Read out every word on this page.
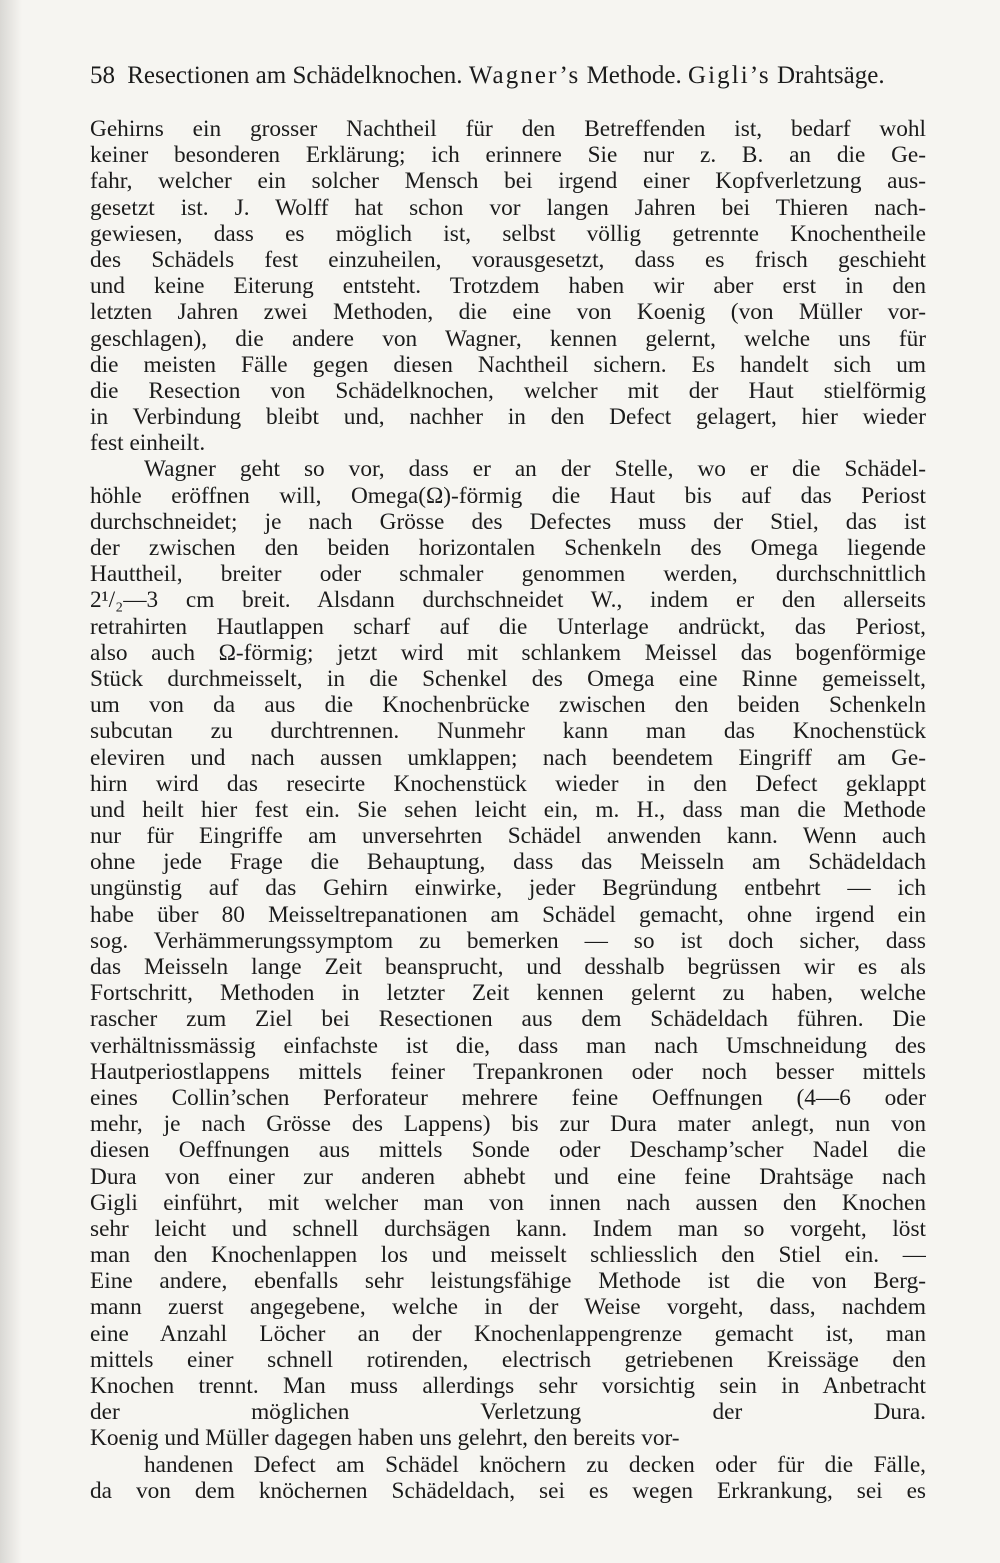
58 Resectionen am Schädelknochen. Wagner’s Methode. Gigli’s Drahtsäge.
Gehirns ein grosser Nachtheil für den Betreffenden ist, bedarf wohl
keiner besonderen Erklärung; ich erinnere Sie nur z. B. an die Ge-
fahr, welcher ein solcher Mensch bei irgend einer Kopfverletzung aus-
gesetzt ist. J. Wolff hat schon vor langen Jahren bei Thieren nach-
gewiesen, dass es möglich ist, selbst völlig getrennte Knochentheile
des Schädels fest einzuheilen, vorausgesetzt, dass es frisch geschieht
und keine Eiterung entsteht. Trotzdem haben wir aber erst in den
letzten Jahren zwei Methoden, die eine von Koenig (von Müller vor-
geschlagen), die andere von Wagner, kennen gelernt, welche uns für
die meisten Fälle gegen diesen Nachtheil sichern. Es handelt sich um
die Resection von Schädelknochen, welcher mit der Haut stielförmig
in Verbindung bleibt und, nachher in den Defect gelagert, hier wieder
fest einheilt.
Wagner geht so vor, dass er an der Stelle, wo er die Schädel-
höhle eröffnen will, Omega(Ω)-förmig die Haut bis auf das Periost
durchschneidet; je nach Grösse des Defectes muss der Stiel, das ist
der zwischen den beiden horizontalen Schenkeln des Omega liegende
Hauttheil, breiter oder schmaler genommen werden, durchschnittlich
2¹/₂—3 cm breit. Alsdann durchschneidet W., indem er den allerseits
retrahirten Hautlappen scharf auf die Unterlage andrückt, das Periost,
also auch Ω-förmig; jetzt wird mit schlankem Meissel das bogenförmige
Stück durchmeisselt, in die Schenkel des Omega eine Rinne gemeisselt,
um von da aus die Knochenbrücke zwischen den beiden Schenkeln
subcutan zu durchtrennen. Nunmehr kann man das Knochenstück
eleviren und nach aussen umklappen; nach beendetem Eingriff am Ge-
hirn wird das resecirte Knochenstück wieder in den Defect geklappt
und heilt hier fest ein. Sie sehen leicht ein, m. H., dass man die Methode
nur für Eingriffe am unversehrten Schädel anwenden kann. Wenn auch
ohne jede Frage die Behauptung, dass das Meisseln am Schädeldach
ungünstig auf das Gehirn einwirke, jeder Begründung entbehrt — ich
habe über 80 Meisseltrepanationen am Schädel gemacht, ohne irgend ein
sog. Verhämmerungssymptom zu bemerken — so ist doch sicher, dass
das Meisseln lange Zeit beansprucht, und desshalb begrüssen wir es als
Fortschritt, Methoden in letzter Zeit kennen gelernt zu haben, welche
rascher zum Ziel bei Resectionen aus dem Schädeldach führen. Die
verhältnissmässig einfachste ist die, dass man nach Umschneidung des
Hautperiostlappens mittels feiner Trepankronen oder noch besser mittels
eines Collin’schen Perforateur mehrere feine Oeffnungen (4—6 oder
mehr, je nach Grösse des Lappens) bis zur Dura mater anlegt, nun von
diesen Oeffnungen aus mittels Sonde oder Deschamp’scher Nadel die
Dura von einer zur anderen abhebt und eine feine Drahtsäge nach
Gigli einführt, mit welcher man von innen nach aussen den Knochen
sehr leicht und schnell durchsägen kann. Indem man so vorgeht, löst
man den Knochenlappen los und meisselt schliesslich den Stiel ein. —
Eine andere, ebenfalls sehr leistungsfähige Methode ist die von Berg-
mann zuerst angegebene, welche in der Weise vorgeht, dass, nachdem
eine Anzahl Löcher an der Knochenlappengrenze gemacht ist, man
mittels einer schnell rotirenden, electrisch getriebenen Kreissäge den
Knochen trennt. Man muss allerdings sehr vorsichtig sein in Anbetracht
der möglichen Verletzung der Dura.
Koenig und Müller dagegen haben uns gelehrt, den bereits vor-
handenen Defect am Schädel knöchern zu decken oder für die Fälle,
da von dem knöchernen Schädeldach, sei es wegen Erkrankung, sei es
